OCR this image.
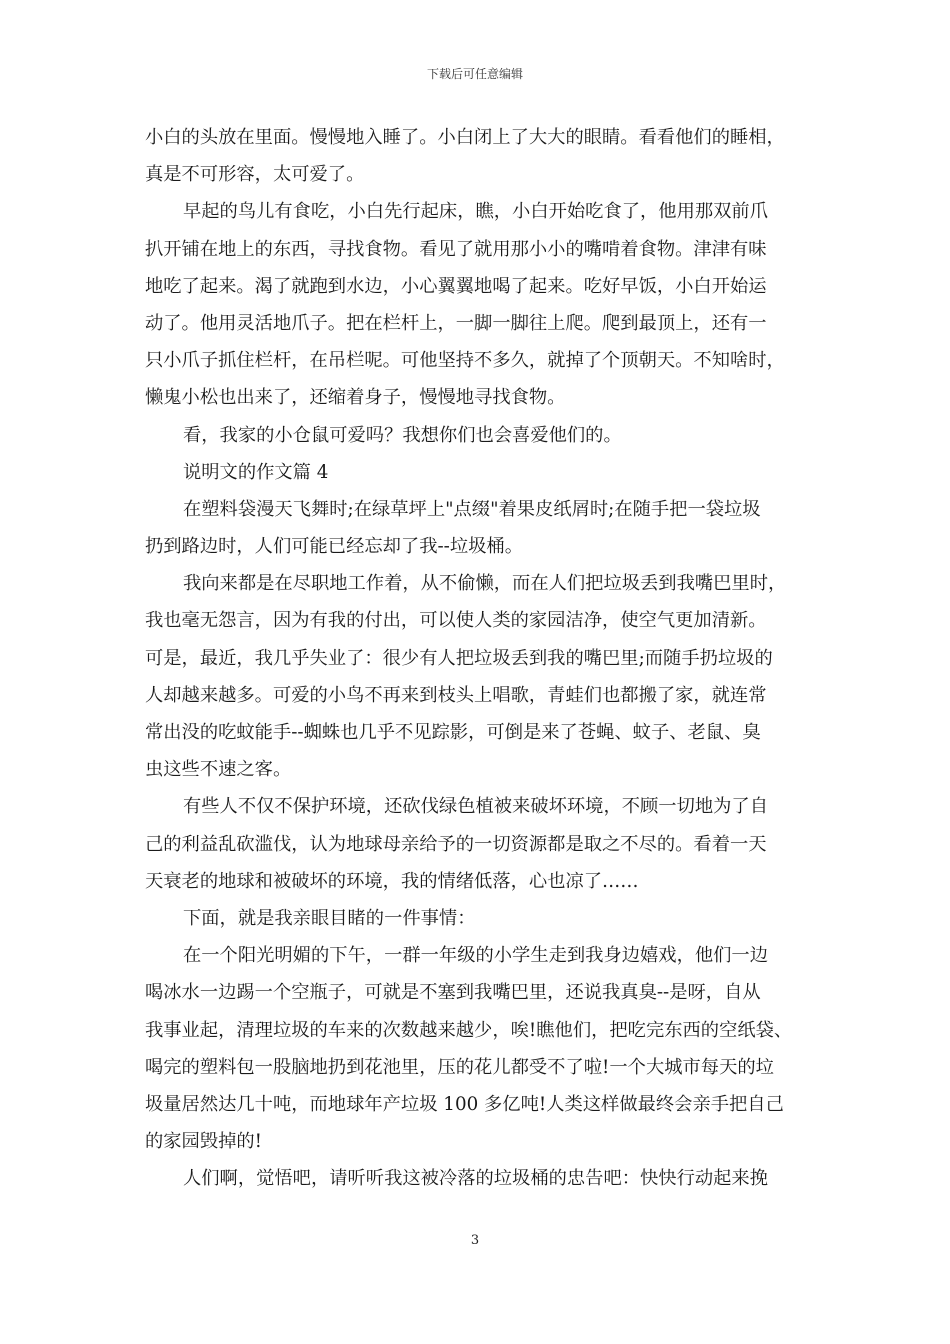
下载后可任意编辑
小白的头放在里面。慢慢地入睡了。小白闭上了大大的眼睛。看看他们的睡相，
真是不可形容，太可爱了。
早起的鸟儿有食吃，小白先行起床，瞧，小白开始吃食了，他用那双前爪
扒开铺在地上的东西，寻找食物。看见了就用那小小的嘴啃着食物。津津有味
地吃了起来。渴了就跑到水边，小心翼翼地喝了起来。吃好早饭，小白开始运
动了。他用灵活地爪子。把在栏杆上，一脚一脚往上爬。爬到最顶上，还有一
只小爪子抓住栏杆，在吊栏呢。可他坚持不多久，就掉了个顶朝天。不知啥时，
懒鬼小松也出来了，还缩着身子，慢慢地寻找食物。
看，我家的小仓鼠可爱吗？我想你们也会喜爱他们的。
说明文的作文篇 4
在塑料袋漫天飞舞时;在绿草坪上"点缀"着果皮纸屑时;在随手把一袋垃圾
扔到路边时，人们可能已经忘却了我--垃圾桶。
我向来都是在尽职地工作着，从不偷懒，而在人们把垃圾丢到我嘴巴里时，
我也毫无怨言，因为有我的付出，可以使人类的家园洁净，使空气更加清新。
可是，最近，我几乎失业了：很少有人把垃圾丢到我的嘴巴里;而随手扔垃圾的
人却越来越多。可爱的小鸟不再来到枝头上唱歌，青蛙们也都搬了家，就连常
常出没的吃蚊能手--蜘蛛也几乎不见踪影，可倒是来了苍蝇、蚊子、老鼠、臭
虫这些不速之客。
有些人不仅不保护环境，还砍伐绿色植被来破坏环境，不顾一切地为了自
己的利益乱砍滥伐，认为地球母亲给予的一切资源都是取之不尽的。看着一天
天衰老的地球和被破坏的环境，我的情绪低落，心也凉了……
下面，就是我亲眼目睹的一件事情：
在一个阳光明媚的下午，一群一年级的小学生走到我身边嬉戏，他们一边
喝冰水一边踢一个空瓶子，可就是不塞到我嘴巴里，还说我真臭--是呀，自从
我事业起，清理垃圾的车来的次数越来越少，唉!瞧他们，把吃完东西的空纸袋、
喝完的塑料包一股脑地扔到花池里，压的花儿都受不了啦!一个大城市每天的垃
圾量居然达几十吨，而地球年产垃圾 100 多亿吨!人类这样做最终会亲手把自己
的家园毁掉的!
人们啊，觉悟吧，请听听我这被冷落的垃圾桶的忠告吧：快快行动起来挽
3
